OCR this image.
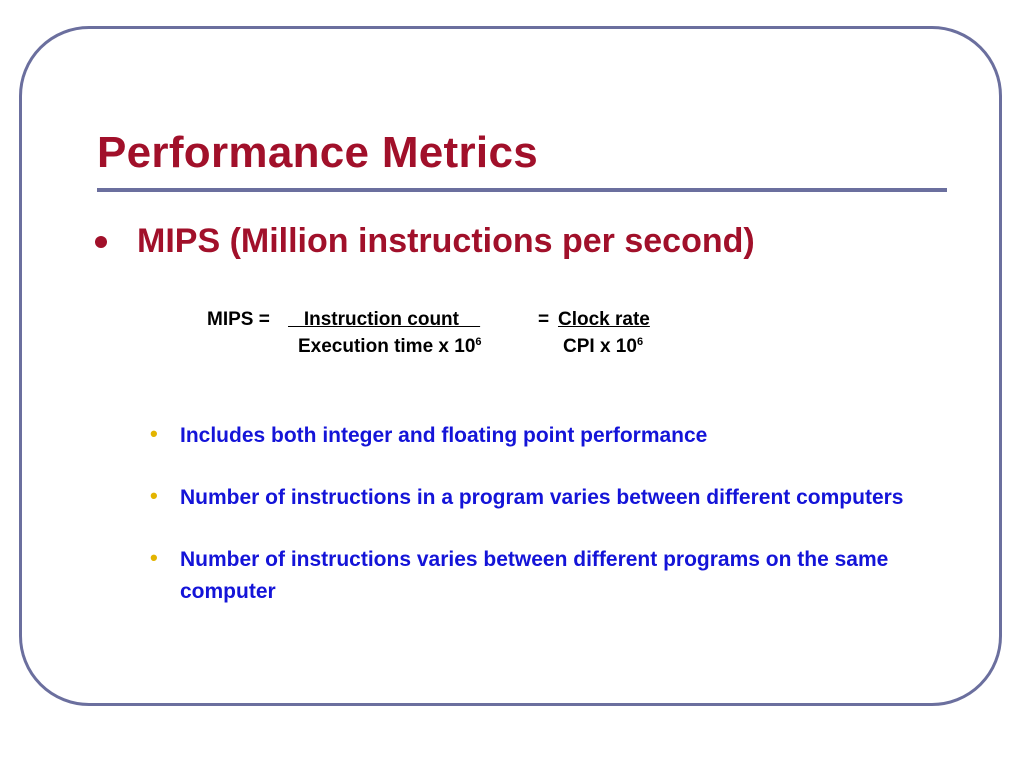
Performance Metrics
MIPS (Million instructions per second)

MIPS =

Instruction count

	=

Clock rate

Execution time x $10^6$

	CPI x $10^6$

• Includes both integer and floating point performance
• Number of instructions in a program varies between different computers
• Number of instructions varies between different programs on the same computer
